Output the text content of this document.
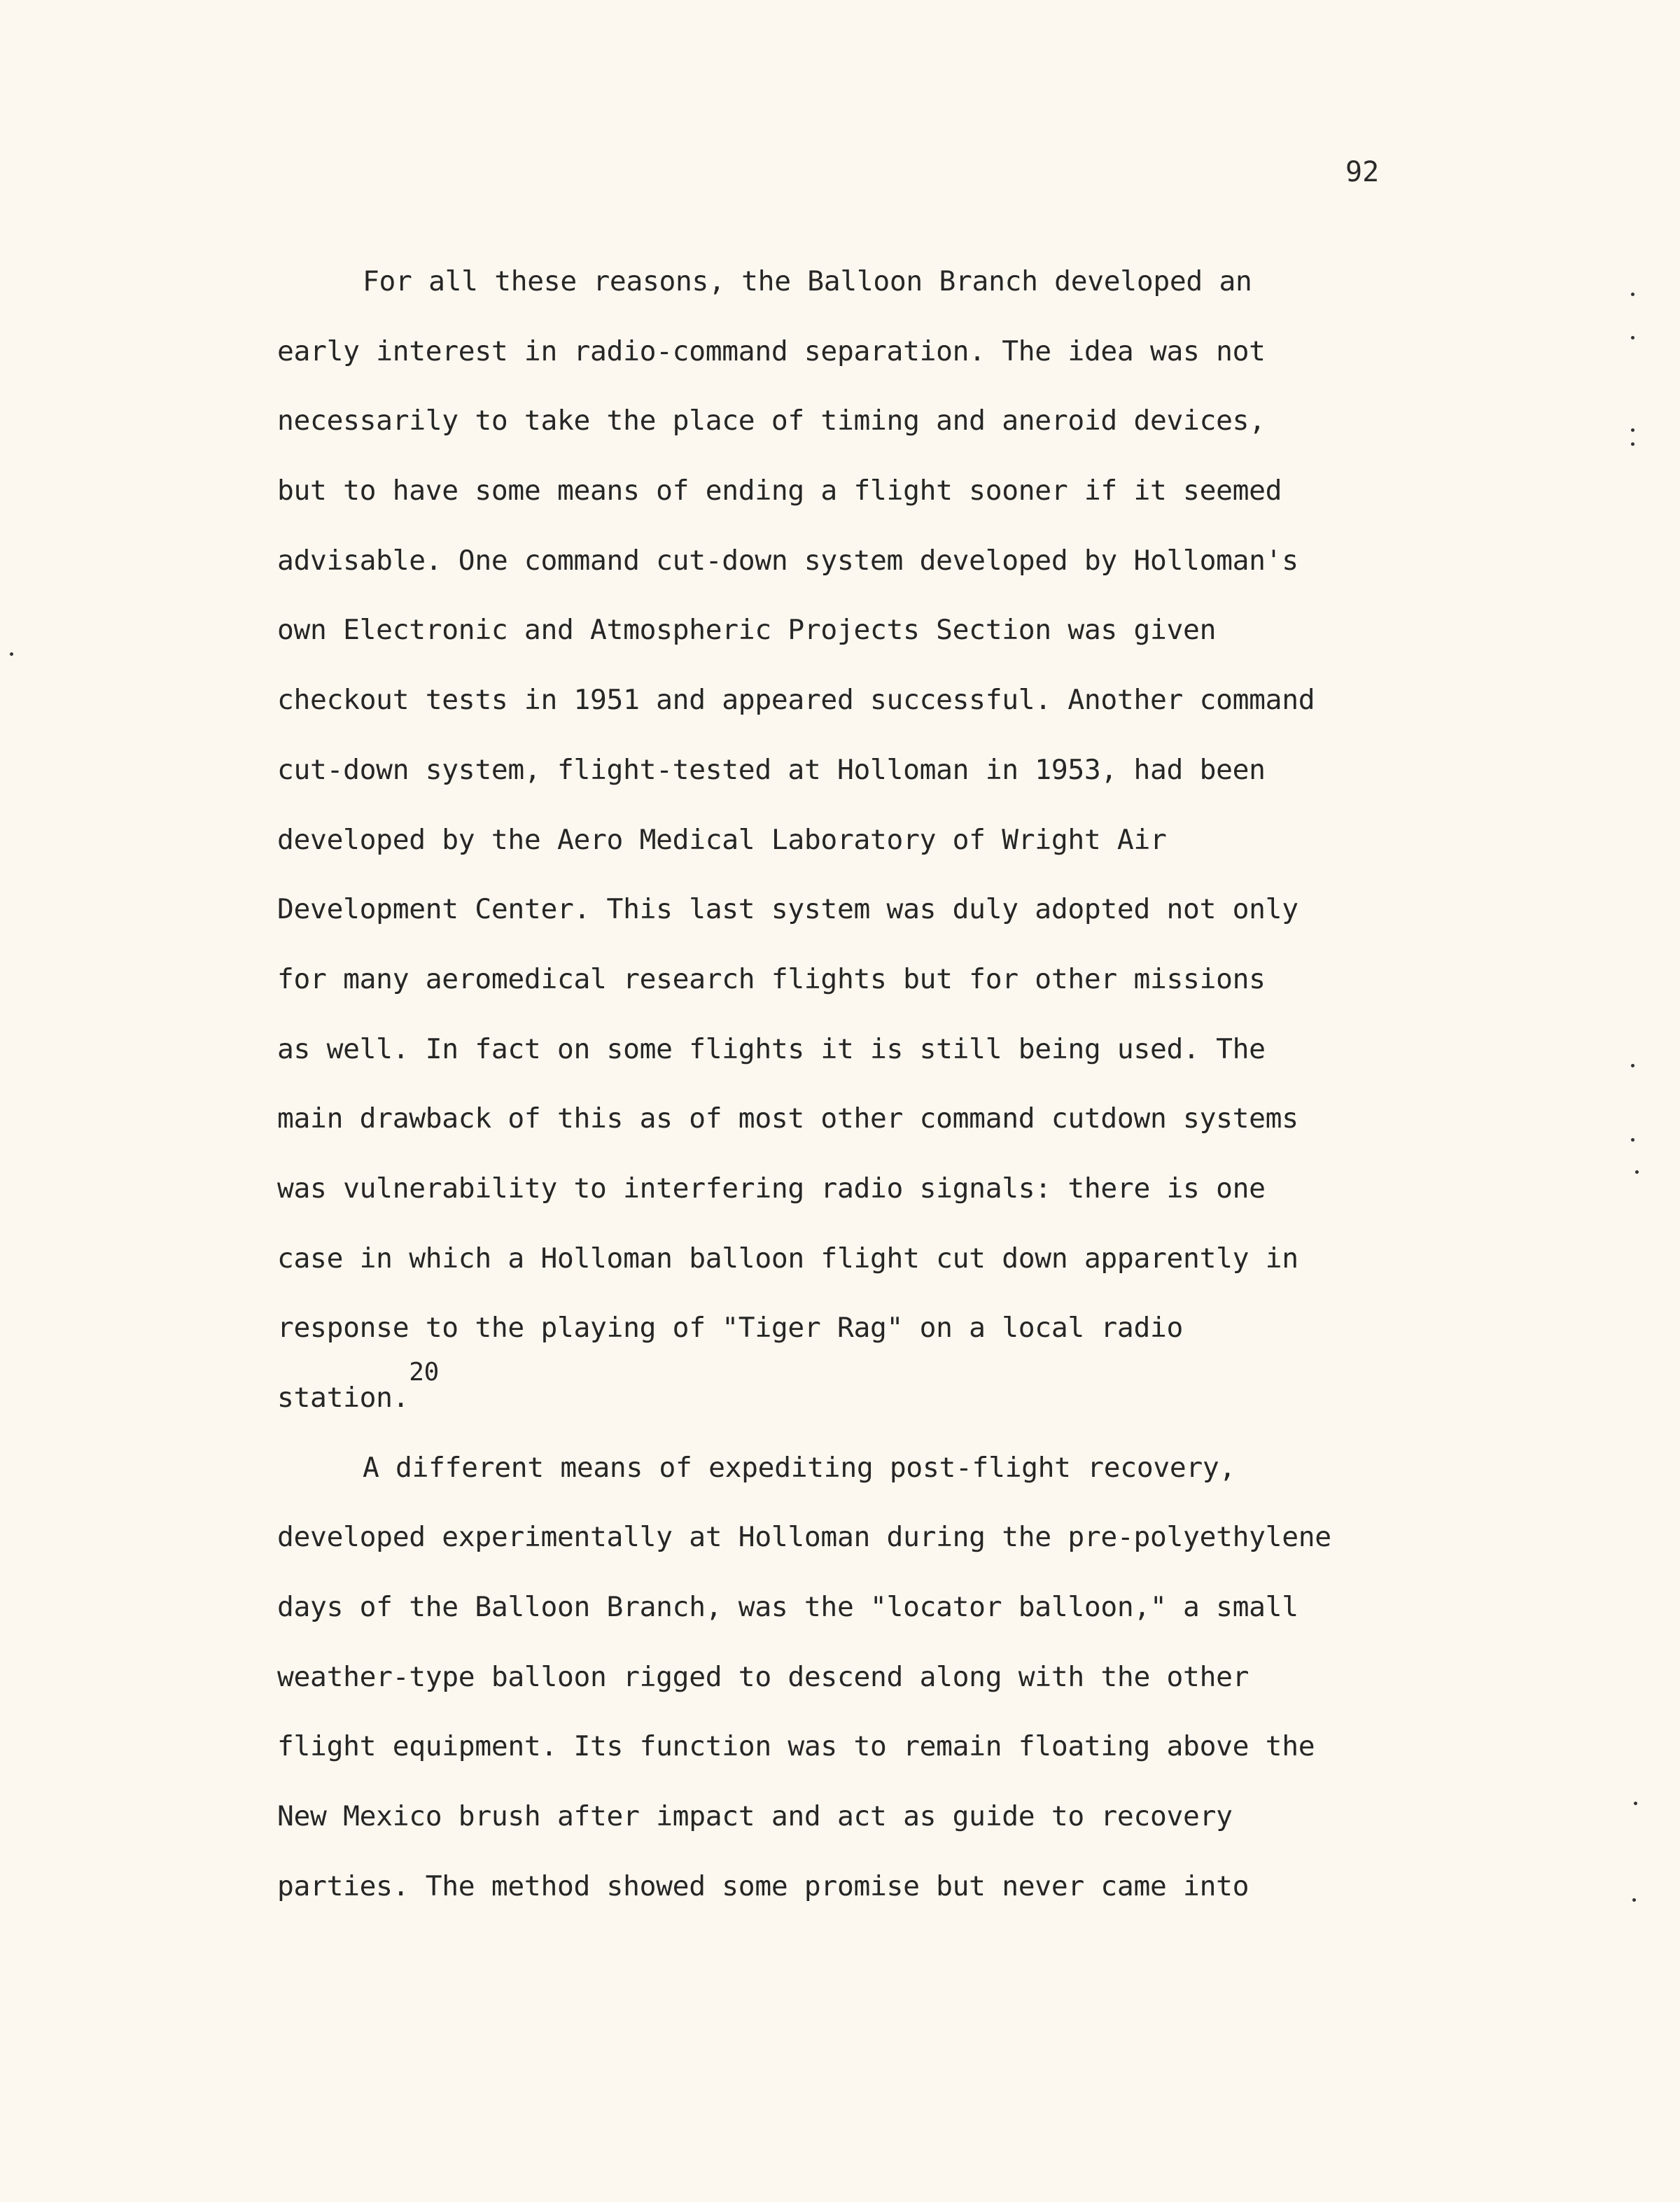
92
For all these reasons, the Balloon Branch developed an
early interest in radio-command separation. The idea was not
necessarily to take the place of timing and aneroid devices,
but to have some means of ending a flight sooner if it seemed
advisable. One command cut-down system developed by Holloman's
own Electronic and Atmospheric Projects Section was given
checkout tests in 1951 and appeared successful. Another command
cut-down system, flight-tested at Holloman in 1953, had been
developed by the Aero Medical Laboratory of Wright Air
Development Center. This last system was duly adopted not only
for many aeromedical research flights but for other missions
as well. In fact on some flights it is still being used. The
main drawback of this as of most other command cutdown systems
was vulnerability to interfering radio signals: there is one
case in which a Holloman balloon flight cut down apparently in
response to the playing of "Tiger Rag" on a local radio
station.
20
A different means of expediting post-flight recovery,
developed experimentally at Holloman during the pre-polyethylene
days of the Balloon Branch, was the "locator balloon," a small
weather-type balloon rigged to descend along with the other
flight equipment. Its function was to remain floating above the
New Mexico brush after impact and act as guide to recovery
parties. The method showed some promise but never came into
